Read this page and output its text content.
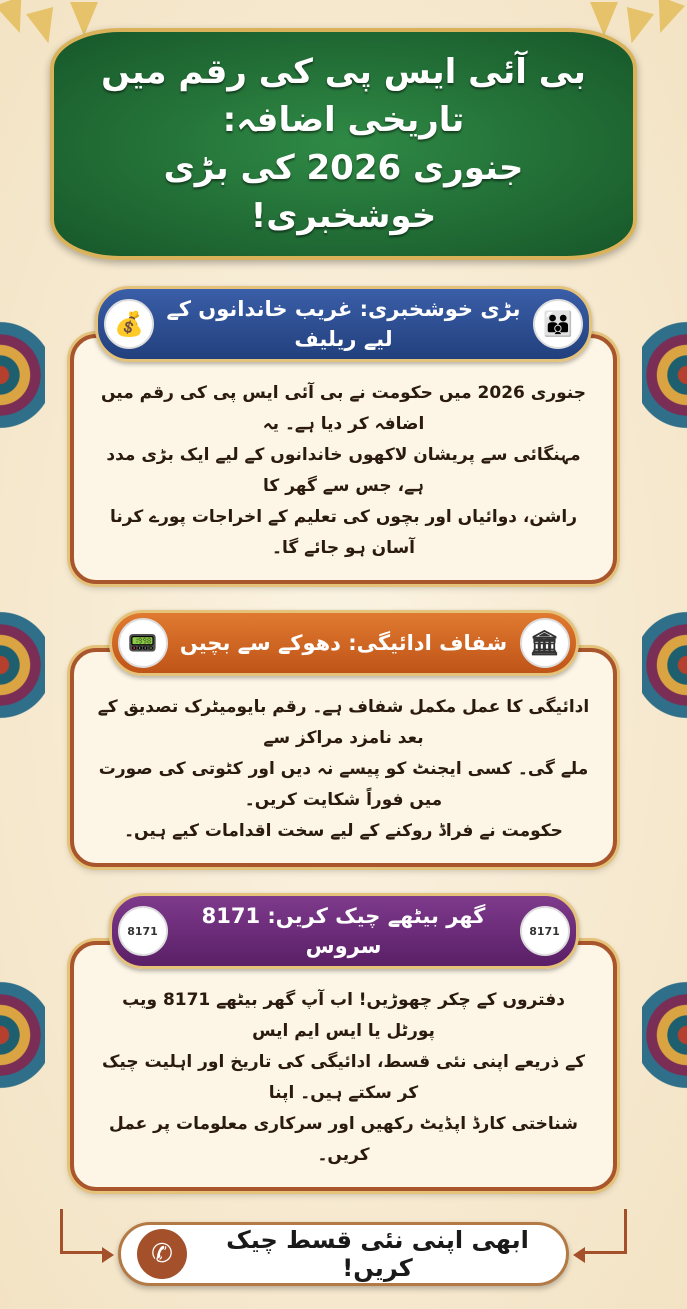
بی آئی ایس پی کی رقم میں تاریخی اضافہ:
جنوری 2026 کی بڑی خوشخبری!
👪
بڑی خوشخبری: غریب خاندانوں کے لیے ریلیف
💰

جنوری 2026 میں حکومت نے بی آئی ایس پی کی رقم میں اضافہ کر دیا ہے۔ یہ

مہنگائی سے پریشان لاکھوں خاندانوں کے لیے ایک بڑی مدد ہے، جس سے گھر کا

راشن، دوائیاں اور بچوں کی تعلیم کے اخراجات پورے کرنا آسان ہو جائے گا۔

🏛
شفاف ادائیگی: دھوکے سے بچیں
📟

ادائیگی کا عمل مکمل شفاف ہے۔ رقم بایومیٹرک تصدیق کے بعد نامزد مراکز سے

ملے گی۔ کسی ایجنٹ کو پیسے نہ دیں اور کٹوتی کی صورت میں فوراً شکایت کریں۔

حکومت نے فراڈ روکنے کے لیے سخت اقدامات کیے ہیں۔

8171
گھر بیٹھے چیک کریں: 8171 سروس
8171

دفتروں کے چکر چھوڑیں! اب آپ گھر بیٹھے 8171 ویب پورٹل یا ایس ایم ایس

کے ذریعے اپنی نئی قسط، ادائیگی کی تاریخ اور اہلیت چیک کر سکتے ہیں۔ اپنا

شناختی کارڈ اپڈیٹ رکھیں اور سرکاری معلومات پر عمل کریں۔

ابھی اپنی نئی قسط چیک کریں!
✆
